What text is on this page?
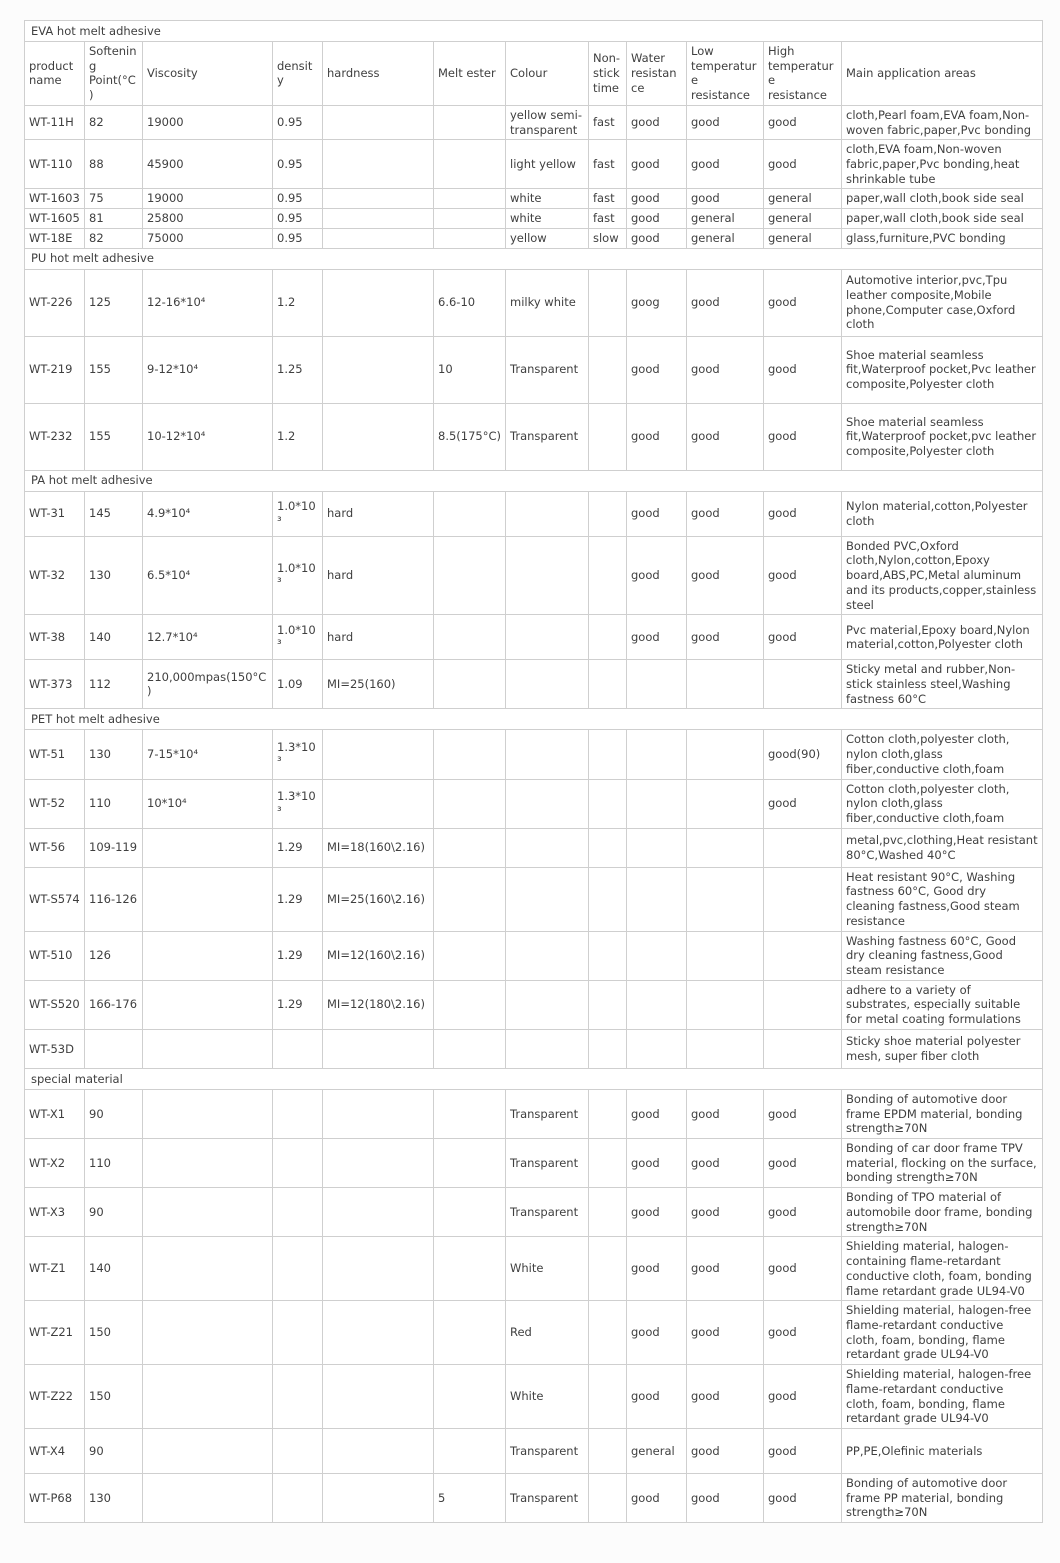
EVA hot melt adhesive											
product name	Softening Point(°C)	Viscosity	density	hardness	Melt ester	Colour	Non-stick time	Water resistance	Low temperature resistance	High temperature resistance	Main application areas
WT-11H	82	19000	0.95			yellow semi-transparent	fast	good	good	good	cloth,Pearl foam,EVA foam,Non-woven fabric,paper,Pvc bonding
WT-110	88	45900	0.95			light yellow	fast	good	good	good	cloth,EVA foam,Non-woven fabric,paper,Pvc bonding,heat shrinkable tube
WT-1603	75	19000	0.95			white	fast	good	good	general	paper,wall cloth,book side seal
WT-1605	81	25800	0.95			white	fast	good	general	general	paper,wall cloth,book side seal
WT-18E	82	75000	0.95			yellow	slow	good	general	general	glass,furniture,PVC bonding
PU hot melt adhesive											
WT-226	125	12-16*10⁴	1.2		6.6-10	milky white		goog	good	good	Automotive interior,pvc,Tpu leather composite,Mobile phone,Computer case,Oxford cloth
WT-219	155	9-12*10⁴	1.25		10	Transparent		good	good	good	Shoe material seamless fit,Waterproof pocket,Pvc leather composite,Polyester cloth
WT-232	155	10-12*10⁴	1.2		8.5(175°C)	Transparent		good	good	good	Shoe material seamless fit,Waterproof pocket,pvc leather composite,Polyester cloth
PA hot melt adhesive											
WT-31	145	4.9*10⁴	1.0*10³	hard				good	good	good	Nylon material,cotton,Polyester cloth
WT-32	130	6.5*10⁴	1.0*10³	hard				good	good	good	Bonded PVC,Oxford cloth,Nylon,cotton,Epoxy board,ABS,PC,Metal aluminum and its products,copper,stainless steel
WT-38	140	12.7*10⁴	1.0*10³	hard				good	good	good	Pvc material,Epoxy board,Nylon material,cotton,Polyester cloth
WT-373	112	210,000mpas(150°C)	1.09	MI=25(160)							Sticky metal and rubber,Non-stick stainless steel,Washing fastness 60°C
PET hot melt adhesive											
WT-51	130	7-15*10⁴	1.3*10³							good(90)	Cotton cloth,polyester cloth, nylon cloth,glass fiber,conductive cloth,foam
WT-52	110	10*10⁴	1.3*10³							good	Cotton cloth,polyester cloth, nylon cloth,glass fiber,conductive cloth,foam
WT-56	109-119		1.29	MI=18(160\2.16)							metal,pvc,clothing,Heat resistant 80°C,Washed 40°C
WT-S574	116-126		1.29	MI=25(160\2.16)							Heat resistant 90°C, Washing fastness 60°C, Good dry cleaning fastness,Good steam resistance
WT-510	126		1.29	MI=12(160\2.16)							Washing fastness 60°C, Good dry cleaning fastness,Good steam resistance
WT-S520	166-176		1.29	MI=12(180\2.16)							adhere to a variety of substrates, especially suitable for metal coating formulations
WT-53D											Sticky shoe material polyester mesh, super fiber cloth
special material											
WT-X1	90					Transparent		good	good	good	Bonding of automotive door frame EPDM material, bonding strength≥70N
WT-X2	110					Transparent		good	good	good	Bonding of car door frame TPV material, flocking on the surface, bonding strength≥70N
WT-X3	90					Transparent		good	good	good	Bonding of TPO material of automobile door frame, bonding strength≥70N
WT-Z1	140					White		good	good	good	Shielding material, halogen-containing flame-retardant conductive cloth, foam, bonding flame retardant grade UL94-V0
WT-Z21	150					Red		good	good	good	Shielding material, halogen-free flame-retardant conductive cloth, foam, bonding, flame retardant grade UL94-V0
WT-Z22	150					White		good	good	good	Shielding material, halogen-free flame-retardant conductive cloth, foam, bonding, flame retardant grade UL94-V0
WT-X4	90					Transparent		general	good	good	PP,PE,Olefinic materials
WT-P68	130				5	Transparent		good	good	good	Bonding of automotive door frame PP material, bonding strength≥70N
